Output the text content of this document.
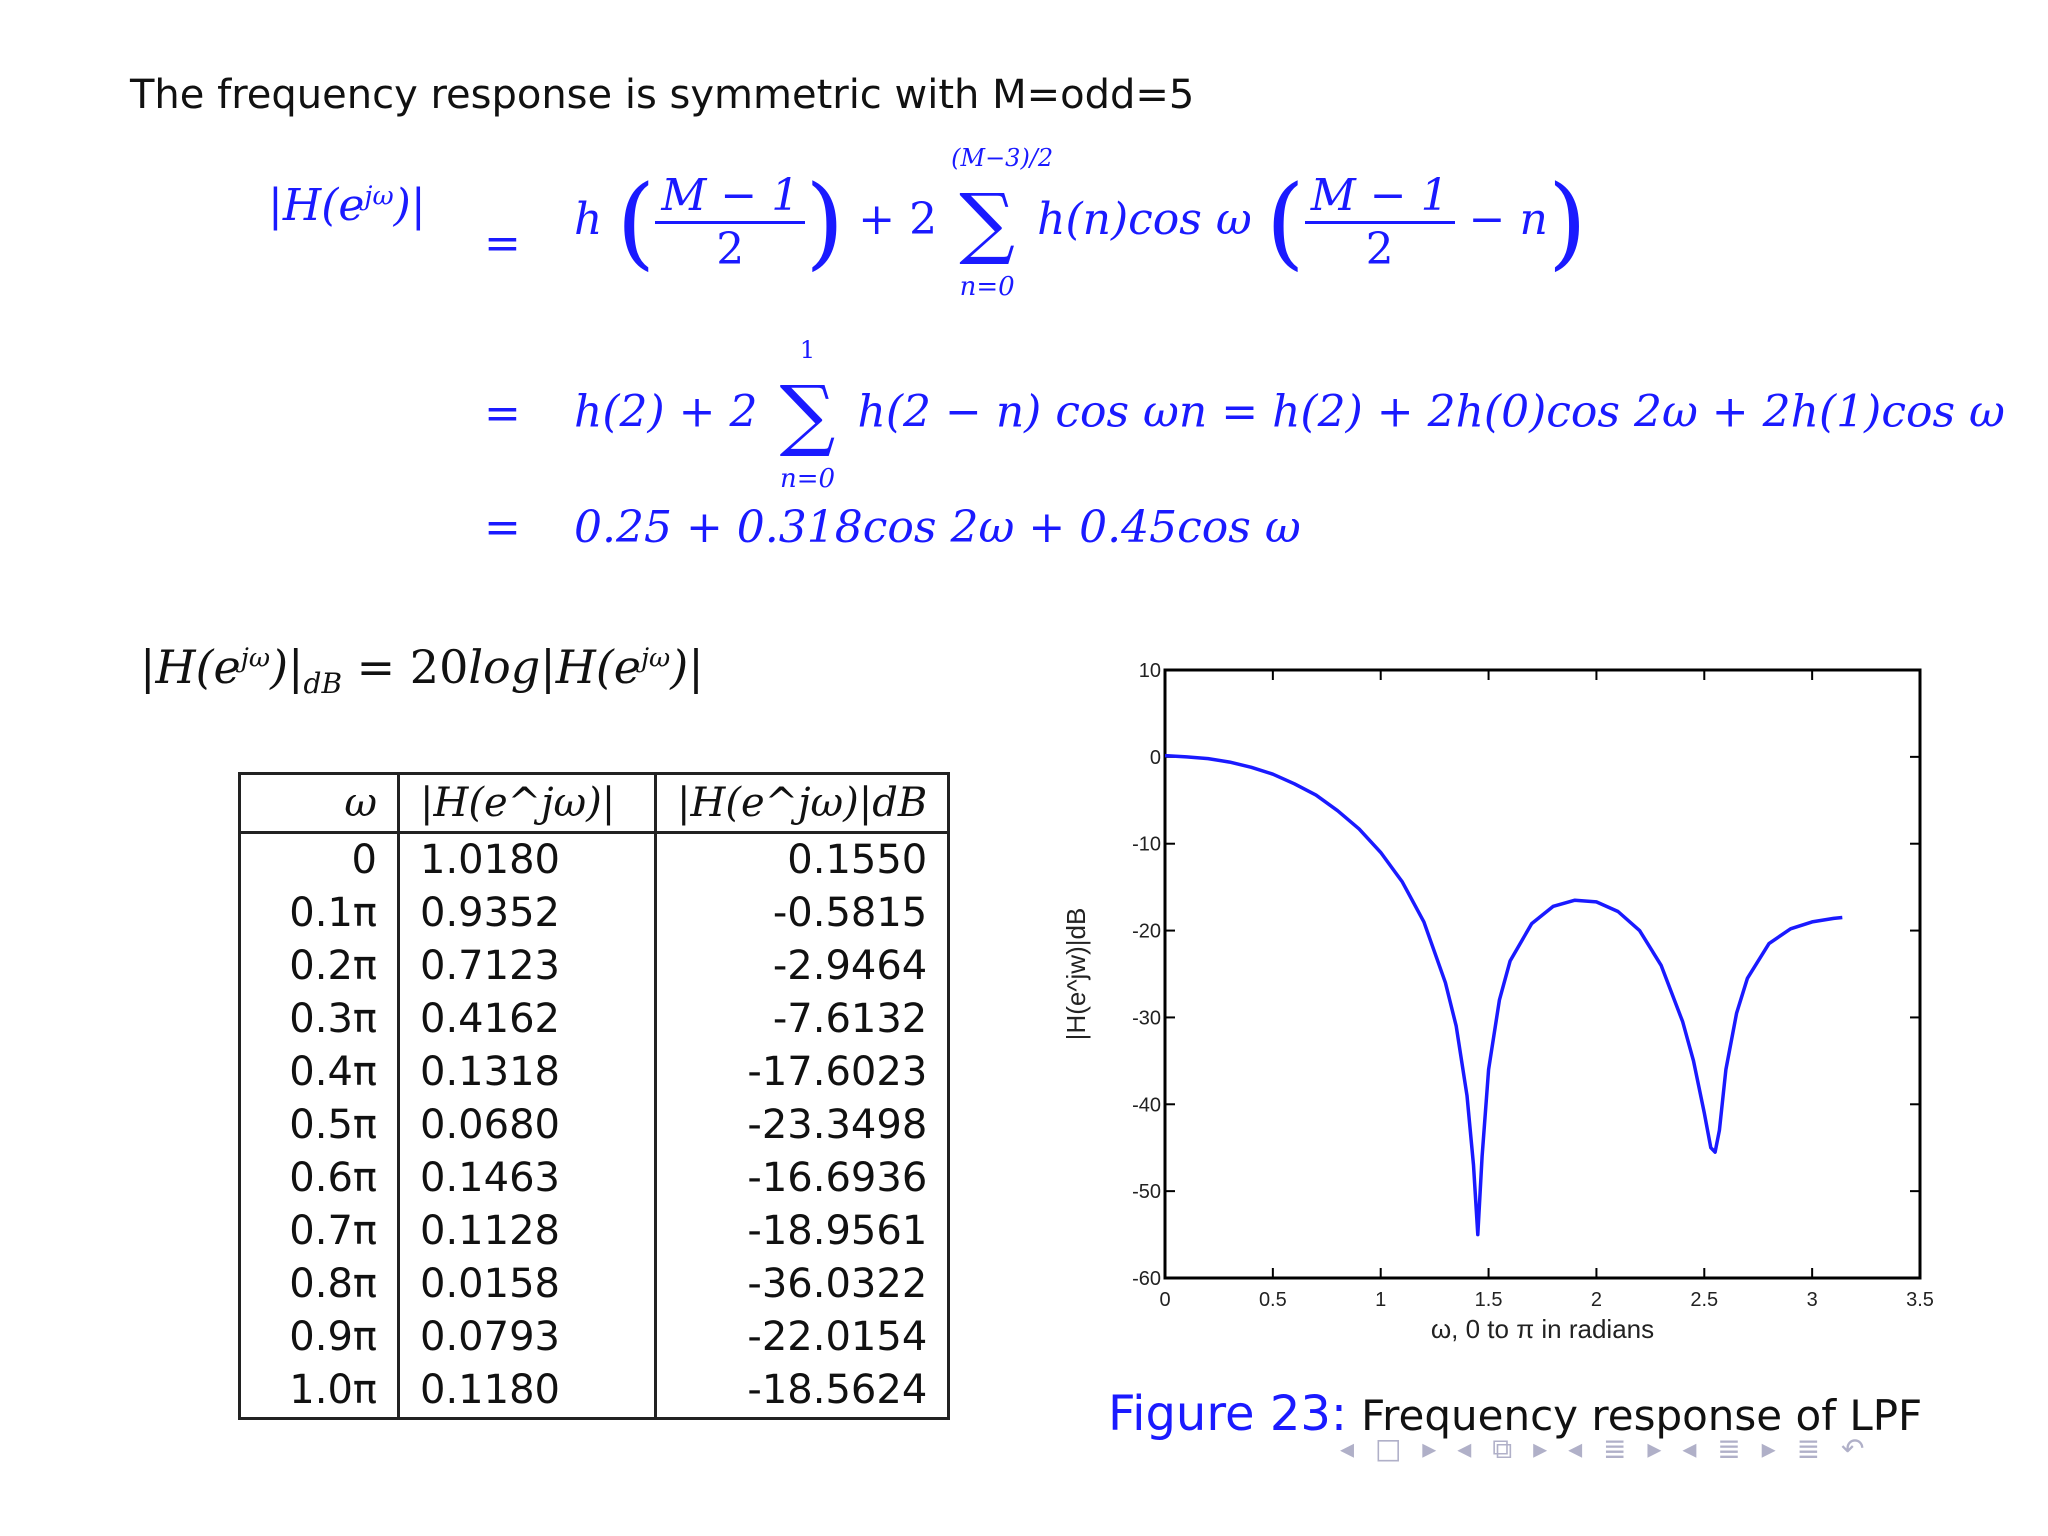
The frequency response is symmetric with M=odd=5
$|H(e^{j\omega})|$
= h ( $\frac{M - 1}{2}$ ) + 2
(M−3)/2
∑
n=0
h(n)cos ω ( $\frac{M - 1}{2} - n$)
= h(2) + 2
1
∑
n=0
h(2 − n) cos ωn = h(2) + 2h(0)cos 2ω + 2h(1)cos ω
= 0.25 + 0.318cos 2ω + 0.45cos ω
$|H(e^{j\omega})|_{dB} = 20\log|H(e^{j\omega})|$
ω	|H(e^jω)|	|H(e^jω)|dB
0	1.0180	0.1550
0.1π	0.9352	-0.5815
0.2π	0.7123	-2.9464
0.3π	0.4162	-7.6132
0.4π	0.1318	-17.6023
0.5π	0.0680	-23.3498
0.6π	0.1463	-16.6936
0.7π	0.1128	-18.9561
0.8π	0.0158	-36.0322
0.9π	0.0793	-22.0154
1.0π	0.1180	-18.5624
0	0.5	1	1.5	2	2.5	3	3.5
10
0
-10
-20
-30
-40
-50
-60
ω, 0 to π in radians
|H(e^jw)|dB
Figure 23: Frequency response of LPF
◂ □ ▸ ◂ ⧉ ▸ ◂ ≣ ▸ ◂ ≣ ▸ ≣ ↶
